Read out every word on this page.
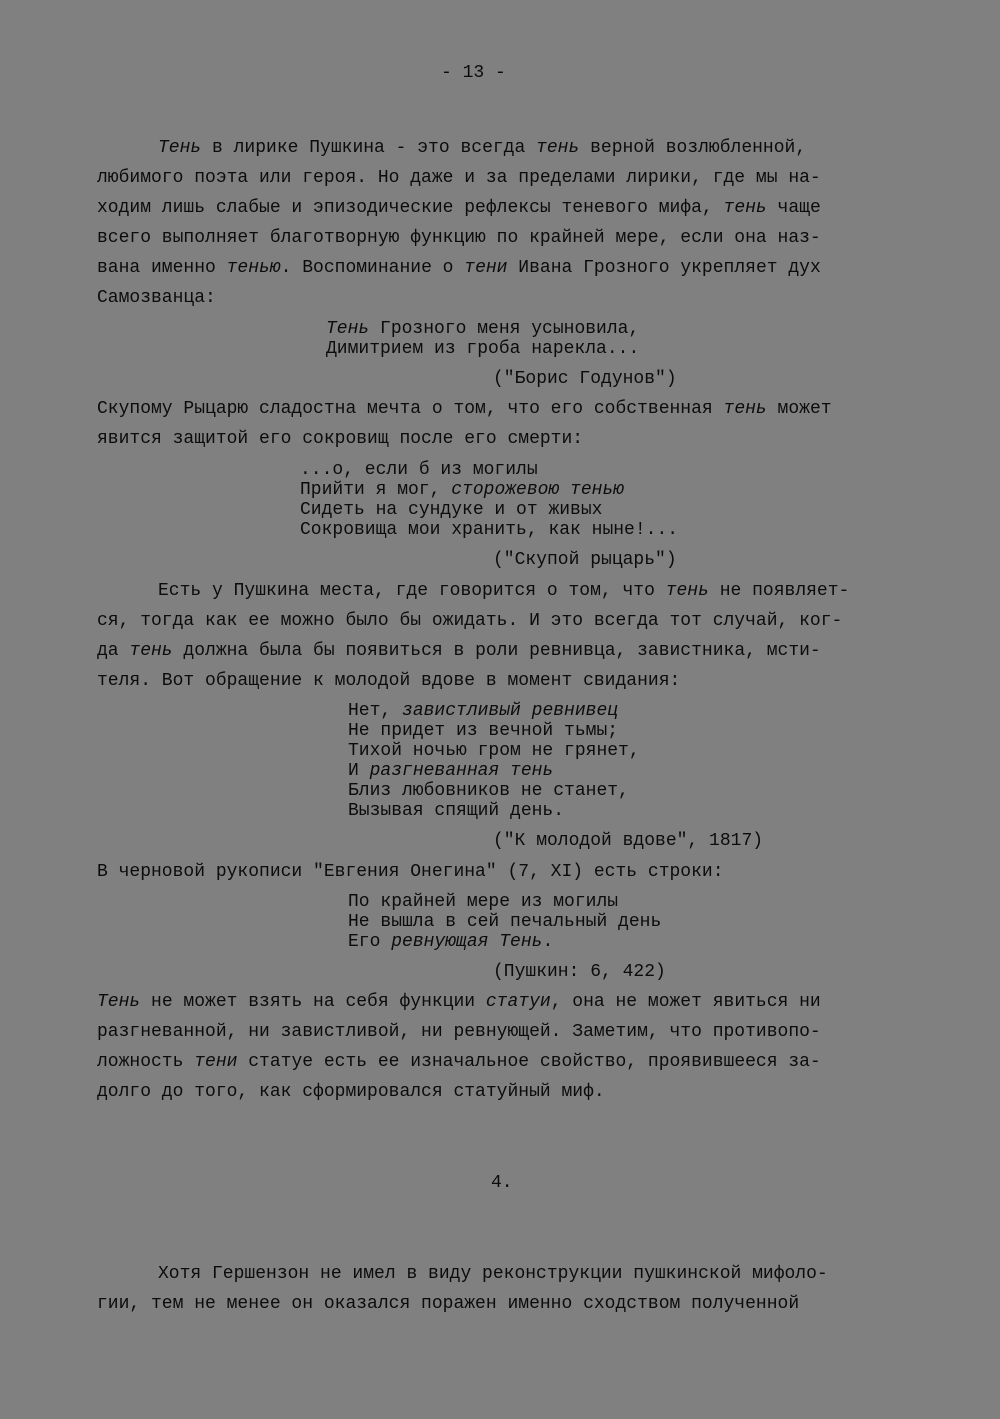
- 13 -
Тень в лирике Пушкина - это всегда тень верной возлюбленной,
любимого поэта или героя. Но даже и за пределами лирики, где мы на-
ходим лишь слабые и эпизодические рефлексы теневого мифа, тень чаще
всего выполняет благотворную функцию по крайней мере, если она наз-
вана именно тенью. Воспоминание о тени Ивана Грозного укрепляет дух
Самозванца:
Тень Грозного меня усыновила,
Димитрием из гроба нарекла...
("Борис Годунов")
Скупому Рыцарю сладостна мечта о том, что его собственная тень может
явится защитой его сокровищ после его смерти:
...о, если б из могилы
Прийти я мог, сторожевою тенью
Сидеть на сундуке и от живых
Сокровища мои хранить, как ныне!...
("Скупой рыцарь")
Есть у Пушкина места, где говорится о том, что тень не появляет-
ся, тогда как ее можно было бы ожидать. И это всегда тот случай, ког-
да тень должна была бы появиться в роли ревнивца, завистника, мсти-
теля. Вот обращение к молодой вдове в момент свидания:
Нет, завистливый ревнивец
Не придет из вечной тьмы;
Тихой ночью гром не грянет,
И разгневанная тень
Близ любовников не станет,
Вызывая спящий день.
("К молодой вдове", 1817)
В черновой рукописи "Евгения Онегина" (7, XI) есть строки:
По крайней мере из могилы
Не вышла в сей печальный день
Его ревнующая Тень.
(Пушкин: 6, 422)
Тень не может взять на себя функции статуи, она не может явиться ни
разгневанной, ни завистливой, ни ревнующей. Заметим, что противопо-
ложность тени статуе есть ее изначальное свойство, проявившееся за-
долго до того, как сформировался статуйный миф.
4.
Хотя Гершензон не имел в виду реконструкции пушкинской мифоло-
гии, тем не менее он оказался поражен именно сходством полученной
